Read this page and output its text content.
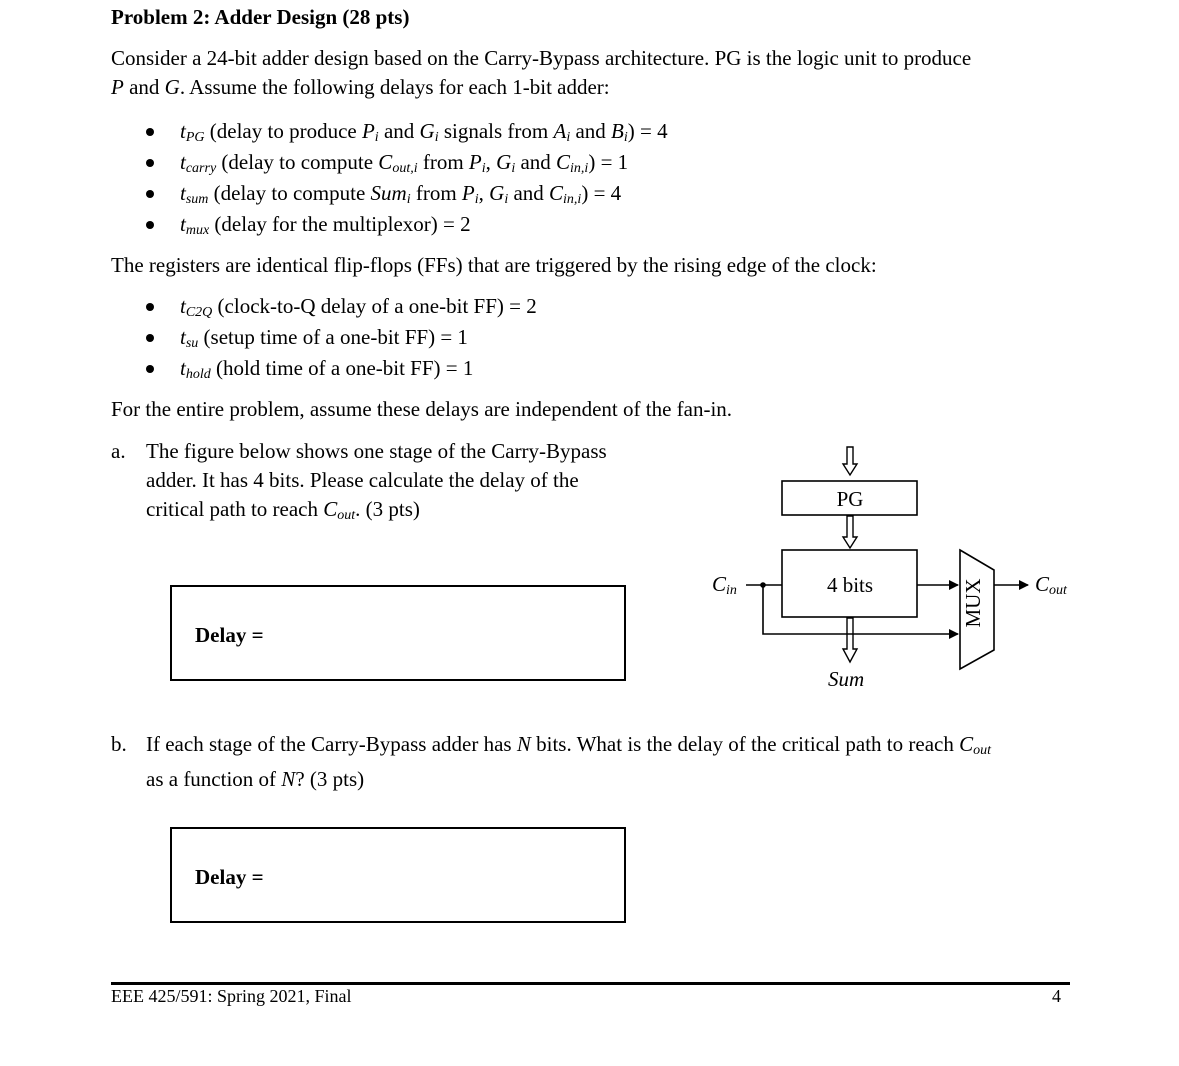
Problem 2: Adder Design (28 pts)
Consider a 24-bit adder design based on the Carry-Bypass architecture. PG is the logic unit to produce
P and G. Assume the following delays for each 1-bit adder:
$t_{PG}$ (delay to produce $P_i$ and $G_i$ signals from $A_i$ and $B_i) = 4$
$t_{carry}$ (delay to compute $C_{out,i}$ from $P_i$, $G_i$ and $C_{in,i}) = 1$
$t_{sum}$ (delay to compute Sum$_i$ from $P_i$, $G_i$ and $C_{in,i}) = 4$
$t_{mux}$ (delay for the multiplexor) = 2
The registers are identical flip-flops (FFs) that are triggered by the rising edge of the clock:
$t_{C2Q}$ (clock-to-Q delay of a one-bit FF) = 2
$t_{su}$ (setup time of a one-bit FF) = 1
$t_{hold}$ (hold time of a one-bit FF) = 1
For the entire problem, assume these delays are independent of the fan-in.
a. The figure below shows one stage of the Carry-Bypass
adder. It has 4 bits. Please calculate the delay of the
critical path to reach $C_{out}$. (3 pts)
Delay =
MUX
PG
4 bits
$C_{in}$	$C_{out}$
Sum
b. If each stage of the Carry-Bypass adder has N bits. What is the delay of the critical path to reach $C_{out}$
as a function of N? (3 pts)
Delay =
EEE 425/591: Spring 2021, Final	4
